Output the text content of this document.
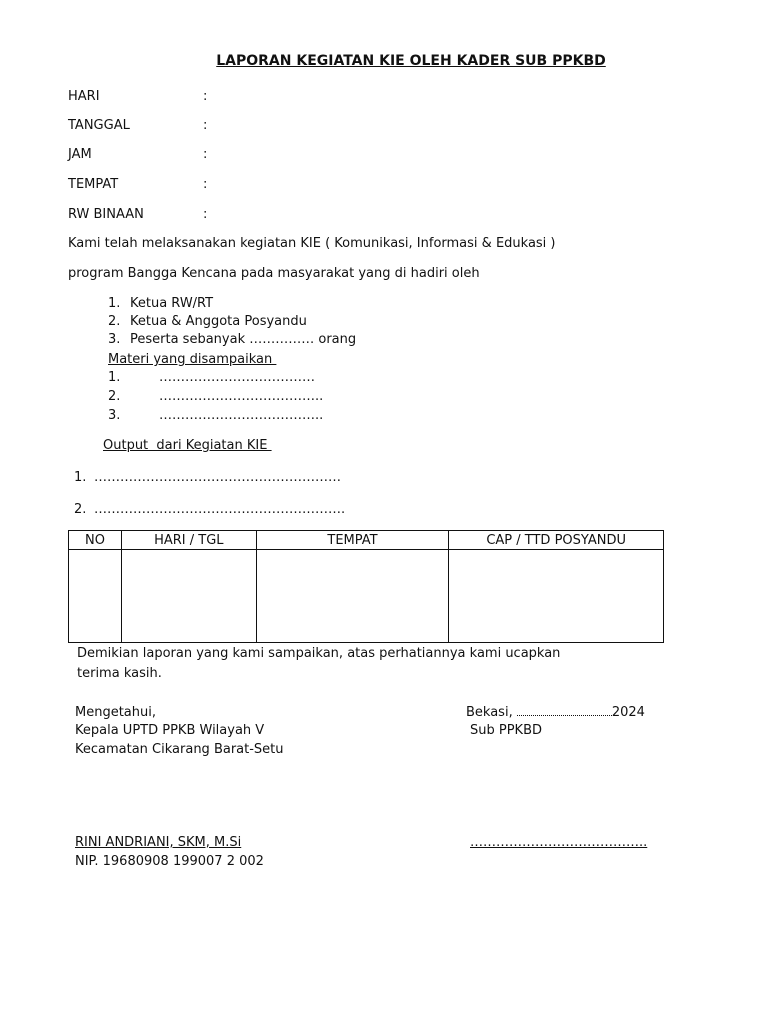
LAPORAN KEGIATAN KIE OLEH KADER SUB PPKBD
HARI	:
TANGGAL	:
JAM	:
TEMPAT	:
RW BINAAN	:
Kami telah melaksanakan kegiatan KIE ( Komunikasi, Informasi & Edukasi )
program Bangga Kencana pada masyarakat yang di hadiri oleh
1. Ketua RW/RT
2. Ketua & Anggota Posyandu
3. Peserta sebanyak …………… orang
Materi yang disampaikan
1.	………………………………
2.	………………………………..
3.	………………………………..
Output  dari Kegiatan KIE
1. …………………………………………………
2. ………………………………………………….
NO	HARI / TGL	TEMPAT	CAP / TTD POSYANDU

Demikian laporan yang kami sampaikan, atas perhatiannya kami ucapkan
terima kasih.
Mengetahui,
Kepala UPTD PPKB Wilayah V
Kecamatan Cikarang Barat-Setu
RINI ANDRIANI, SKM, M.Si
NIP. 19680908 199007 2 002
Bekasi,	2024
Sub PPKBD
…………………………………..
